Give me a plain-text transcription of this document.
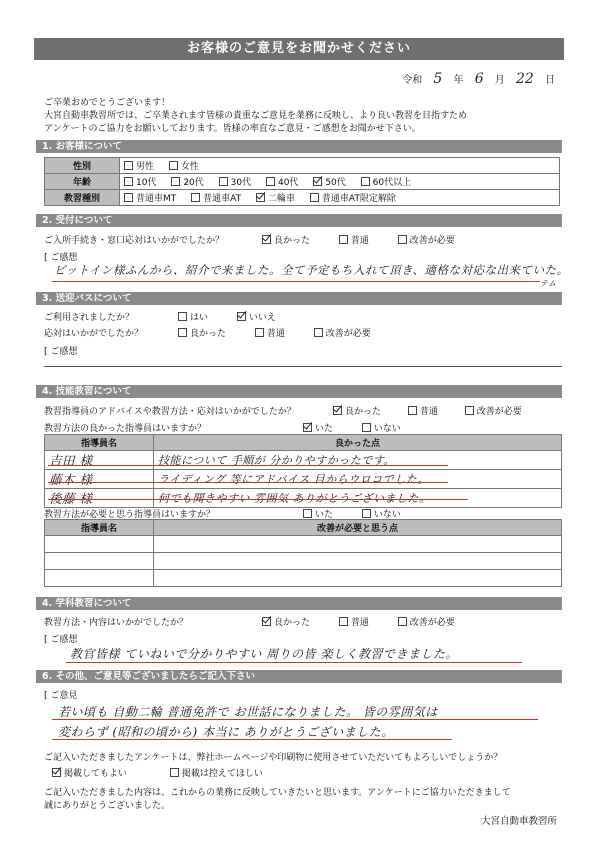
お客様のご意見をお聞かせください
令和 5 年 6 月 22 日
ご卒業おめでとうございます！
大宮自動車教習所では、ご卒業されます皆様の貴重なご意見を業務に反映し、より良い教習を目指すため
アンケートのご協力をお願いしております。皆様の率直なご意見・ご感想をお聞かせ下さい。
1. お客様について
性別	男性 女性
年齢	10代 20代 30代 40代 50代 60代以上
教習種別	普通車MT 普通車AT 二輪車 普通車AT限定解除
2. 受付について
ご入所手続き・窓口応対はいかがでしたか？	良かった	普通	改善が必要
[ ご感想
ピットイン様ふんから、紹介で来ました。全て予定もち入れて頂き、適格な対応な出来ていた。
テム
3. 送迎バスについて
ご利用されましたか？	はい	いいえ
応対はいかがでしたか？	良かった	普通	改善が必要
[ ご感想
4. 技能教習について
教習指導員のアドバイスや教習方法・応対はいかがでしたか？	良かった	普通	改善が必要
教習方法の良かった指導員はいますか？	いた	いない
指導員名	良かった点
吉田 様	技能について 手順が 分かりやすかったです。
藤木 様	ライディング 等にアドバイス 目からウロコでした。
後藤 様	何でも聞きやすい 雰囲気 ありがとうございました。
教習方法が必要と思う指導員はいますか？	いた	いない
指導員名	改善が必要と思う点

4. 学科教習について
教習方法・内容はいかがでしたか？	良かった	普通	改善が必要
[ ご感想
教官皆様 ていねいで分かりやすい 周りの皆 楽しく教習できました。
6. その他、ご意見等ございましたらご記入下さい
[ ご意見
若い頃も 自動二輪 普通免許で お世話になりました。 皆の雰囲気は
変わらず (昭和の頃から) 本当に ありがとうございました。
ご記入いただきましたアンケートは、弊社ホームページや印刷物に使用させていただいてもよろしいでしょうか？
掲載してもよい	掲載は控えてほしい
ご記入いただきました内容は、これからの業務に反映していきたいと思います。アンケートにご協力いただきまして
誠にありがとうございました。
大宮自動車教習所
